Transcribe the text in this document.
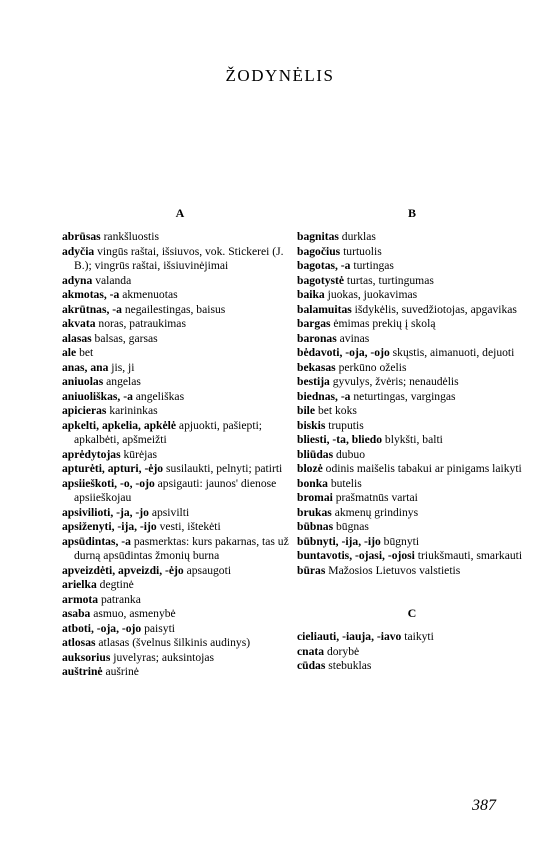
ŽODYNĖLIS
A
abrūsas rankšluostis
adyčia vingūs raštai, išsiuvos, vok. Stickerei (J. B.); vingrūs raštai, išsiuvinėjimai
adyna valanda
akmotas, -a akmenuotas
akrūtnas, -a negailestingas, baisus
akvata noras, patraukimas
alasas balsas, garsas
ale bet
anas, ana jis, ji
aniuolas angelas
aniuoliškas, -a angeliškas
apicieras karininkas
apkelti, apkelia, apkėlė apjuokti, pašiepti; apkalbėti, apšmeižti
aprėdytojas kūrėjas
apturėti, apturi, -ėjo susilaukti, pelnyti; patirti
apsiieškoti, -o, -ojo apsigauti: jaunos' dienose apsiieškojau
apsivilioti, -ja, -jo apsivilti
apsiženyti, -ija, -ijo vesti, ištekėti
apsūdintas, -a pasmerktas: kurs pakarnas, tas už durną apsūdintas žmonių burna
apveizdėti, apveizdi, -ėjo apsaugoti
arielka degtinė
armota patranka
asaba asmuo, asmenybė
atboti, -oja, -ojo paisyti
atlosas atlasas (švelnus šilkinis audinys)
auksorius juvelyras; auksintojas
auštrinė aušrinė
B
bagnitas durklas
bagočius turtuolis
bagotas, -a turtingas
bagotystė turtas, turtingumas
baika juokas, juokavimas
balamuitas išdykėlis, suvedžiotojas, apgavikas
bargas ėmimas prekių į skolą
baronas avinas
bėdavoti, -oja, -ojo skųstis, aimanuoti, dejuoti
bekasas perkūno oželis
bestija gyvulys, žvėris; nenaudėlis
biednas, -a neturtingas, vargingas
bile bet koks
biskis truputis
bliesti, -ta, bliedo blykšti, balti
bliūdas dubuo
blozė odinis maišelis tabakui ar pinigams laikyti
bonka butelis
bromai prašmatnūs vartai
brukas akmenų grindinys
būbnas būgnas
būbnyti, -ija, -ijo būgnyti
buntavotis, -ojasi, -ojosi triukšmauti, smarkauti
būras Mažosios Lietuvos valstietis
C
cieliauti, -iauja, -iavo taikyti
cnata dorybė
cūdas stebuklas
387
